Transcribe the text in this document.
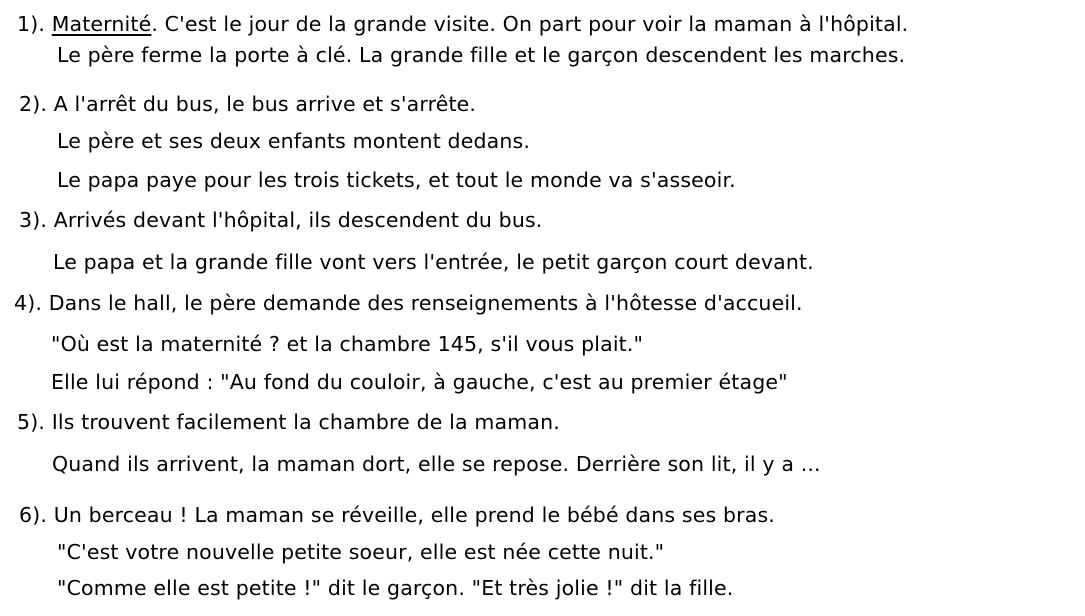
1). Maternité. C'est le jour de la grande visite. On part pour voir la maman à l'hôpital.
Le père ferme la porte à clé. La grande fille et le garçon descendent les marches.
2). A l'arrêt du bus, le bus arrive et s'arrête.
Le père et ses deux enfants montent dedans.
Le papa paye pour les trois tickets, et tout le monde va s'asseoir.
3). Arrivés devant l'hôpital, ils descendent du bus.
Le papa et la grande fille vont vers l'entrée, le petit garçon court devant.
4). Dans le hall, le père demande des renseignements à l'hôtesse d'accueil.
"Où est la maternité ? et la chambre 145, s'il vous plait."
Elle lui répond : "Au fond du couloir, à gauche, c'est au premier étage"
5). Ils trouvent facilement la chambre de la maman.
Quand ils arrivent, la maman dort, elle se repose. Derrière son lit, il y a ...
6). Un berceau ! La maman se réveille, elle prend le bébé dans ses bras.
"C'est votre nouvelle petite soeur, elle est née cette nuit."
"Comme elle est petite !" dit le garçon. "Et très jolie !" dit la fille.
